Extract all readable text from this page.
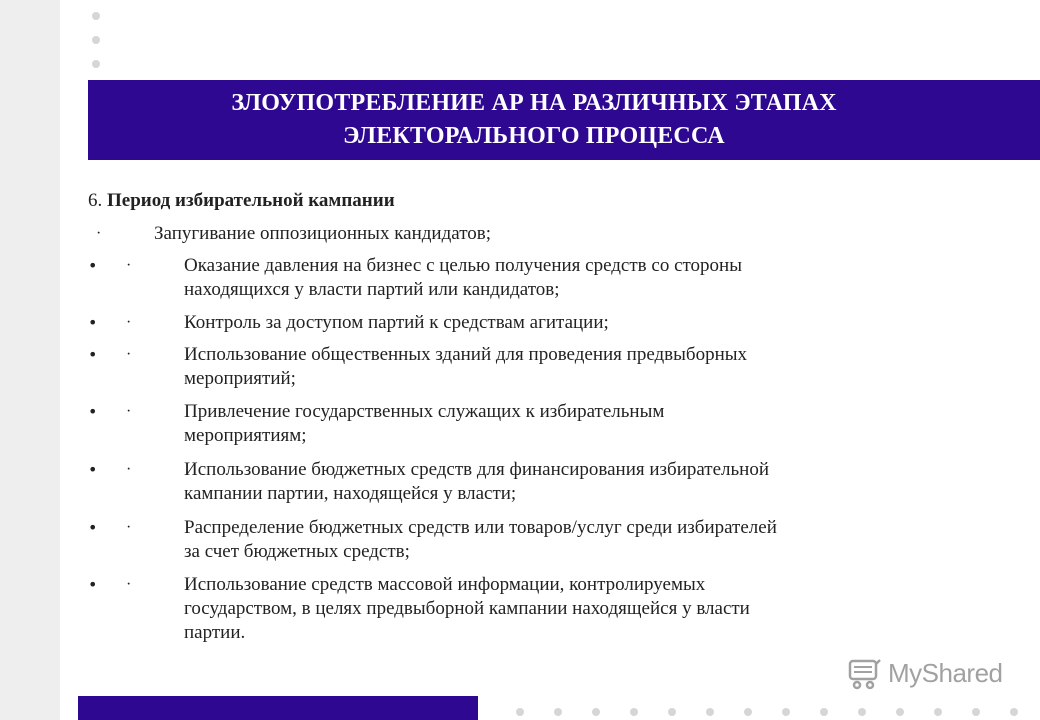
ЗЛОУПОТРЕБЛЕНИЕ АР НА РАЗЛИЧНЫХ ЭТАПАХ
ЭЛЕКТОРАЛЬНОГО ПРОЦЕССА

6. Период избирательной кампании

·	Запугивание оппозиционных кандидатов;
• ·	Оказание давления на бизнес с целью получения средств со стороны
находящихся у власти партий или кандидатов;
• ·	Контроль за доступом партий к средствам агитации;
• ·	Использование общественных зданий для проведения предвыборных
мероприятий;
• ·	Привлечение государственных служащих к избирательным
мероприятиям;
• ·	Использование бюджетных средств для финансирования избирательной
кампании партии, находящейся у власти;
• ·	Распределение бюджетных средств или товаров/услуг среди избирателей
за счет бюджетных средств;
• ·	Использование средств массовой информации, контролируемых
государством, в целях предвыборной кампании находящейся у власти
партии.
MyShared
